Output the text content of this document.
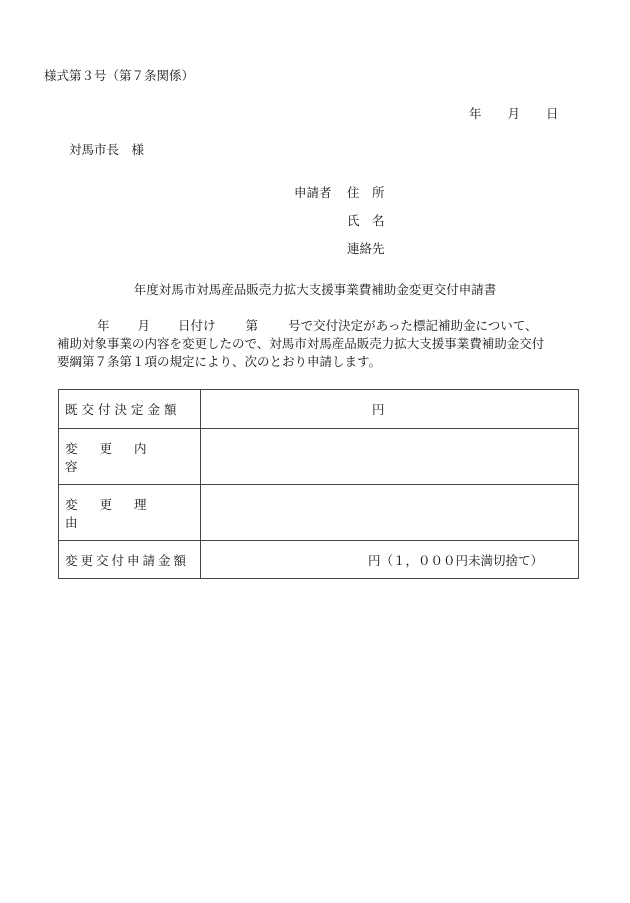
様式第３号（第７条関係）
年 月 日
対馬市長　様
申請者 住　所
氏　名
連絡先
年度対馬市対馬産品販売力拡大支援事業費補助金変更交付申請書
年 月 日付け 第 号で交付決定があった標記補助金について、
補助対象事業の内容を変更したので、対馬市対馬産品販売力拡大支援事業費補助金交付
要綱第７条第１項の規定により、次のとおり申請します。
既交付決定金額	円
変更内容	
変更理由	
変更交付申請金額	円（１，０００円未満切捨て）
